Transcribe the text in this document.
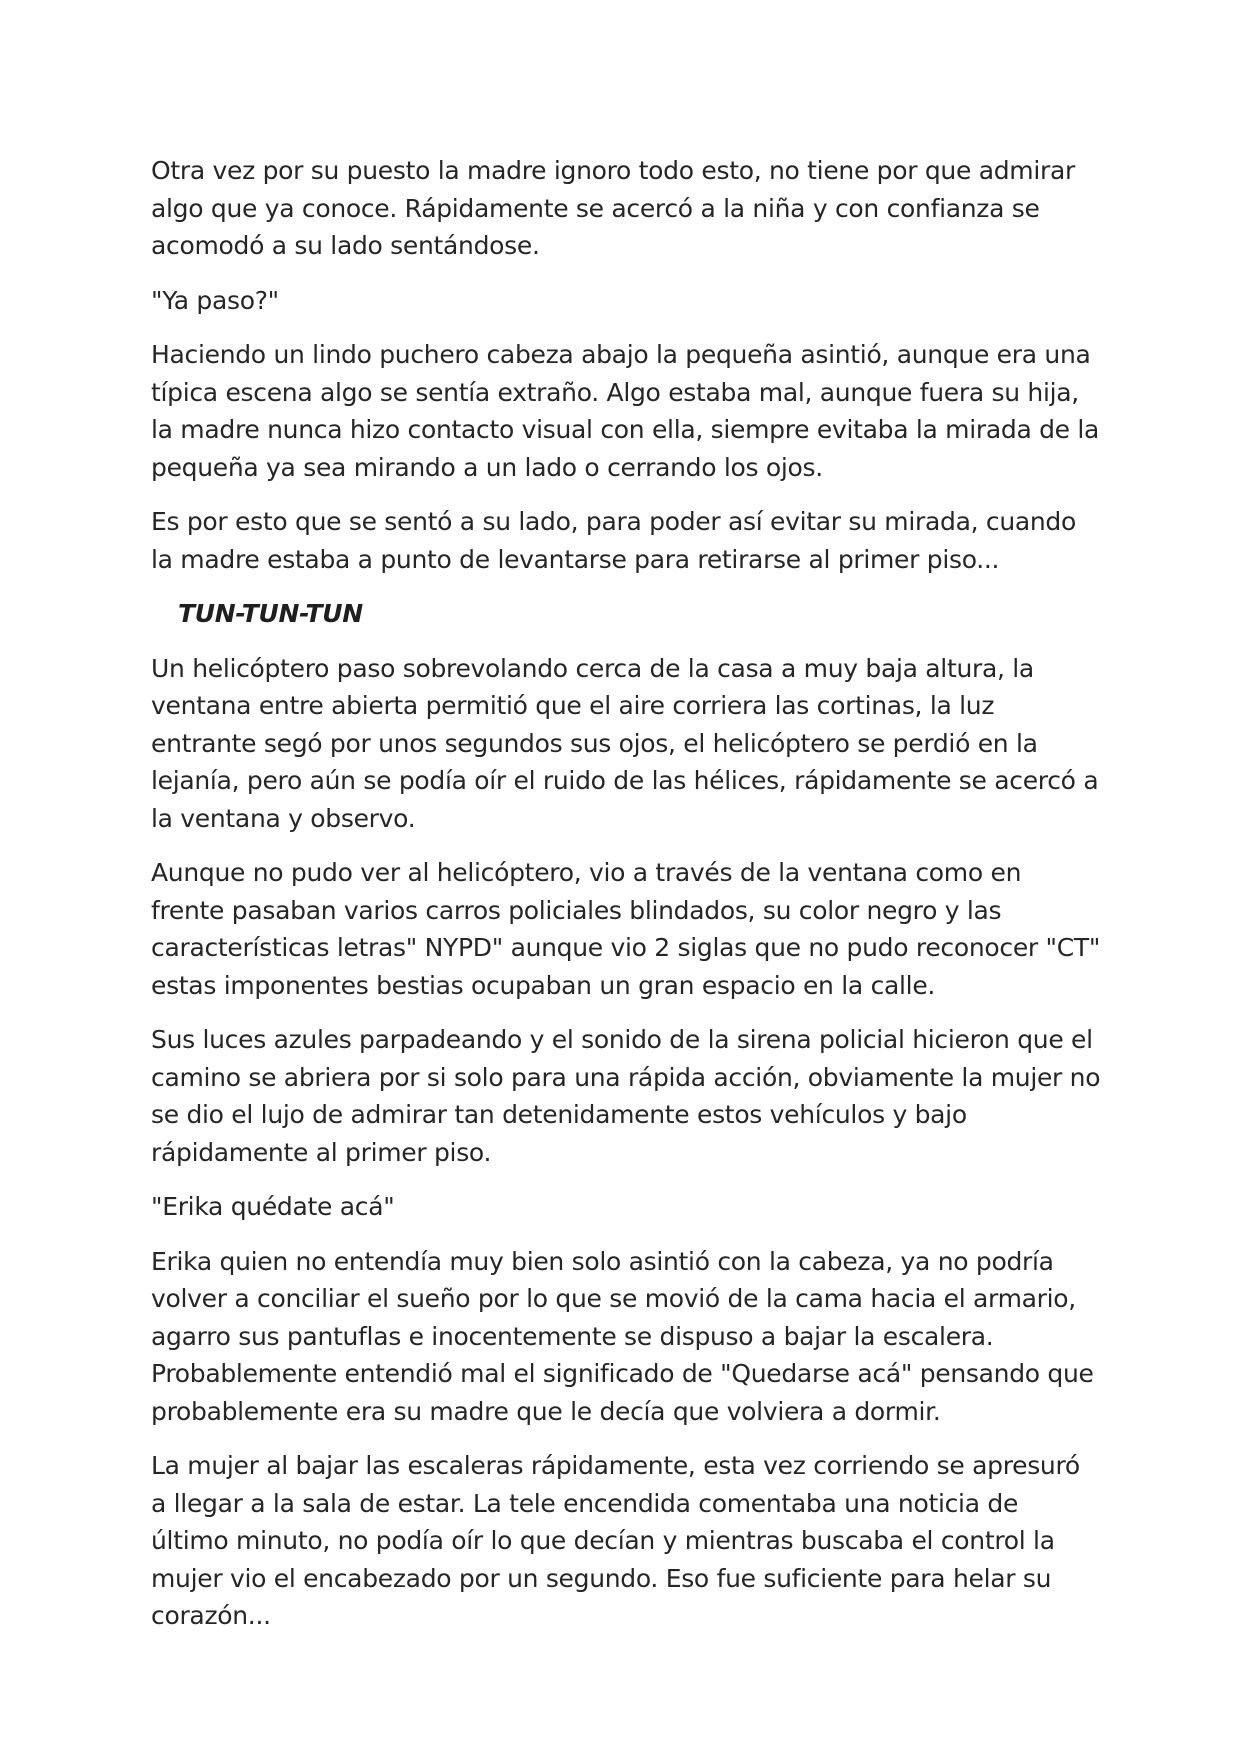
Otra vez por su puesto la madre ignoro todo esto, no tiene por que admirar algo que ya conoce. Rápidamente se acercó a la niña y con confianza se acomodó a su lado sentándose.

"Ya paso?"

Haciendo un lindo puchero cabeza abajo la pequeña asintió, aunque era una típica escena algo se sentía extraño. Algo estaba mal, aunque fuera su hija, la madre nunca hizo contacto visual con ella, siempre evitaba la mirada de la pequeña ya sea mirando a un lado o cerrando los ojos.

Es por esto que se sentó a su lado, para poder así evitar su mirada, cuando la madre estaba a punto de levantarse para retirarse al primer piso...

TUN-TUN-TUN

Un helicóptero paso sobrevolando cerca de la casa a muy baja altura, la ventana entre abierta permitió que el aire corriera las cortinas, la luz entrante segó por unos segundos sus ojos, el helicóptero se perdió en la lejanía, pero aún se podía oír el ruido de las hélices, rápidamente se acercó a la ventana y observo.

Aunque no pudo ver al helicóptero, vio a través de la ventana como en frente pasaban varios carros policiales blindados, su color negro y las características letras" NYPD" aunque vio 2 siglas que no pudo reconocer "CT" estas imponentes bestias ocupaban un gran espacio en la calle.

Sus luces azules parpadeando y el sonido de la sirena policial hicieron que el camino se abriera por si solo para una rápida acción, obviamente la mujer no se dio el lujo de admirar tan detenidamente estos vehículos y bajo rápidamente al primer piso.

"Erika quédate acá"

Erika quien no entendía muy bien solo asintió con la cabeza, ya no podría volver a conciliar el sueño por lo que se movió de la cama hacia el armario, agarro sus pantuflas e inocentemente se dispuso a bajar la escalera. Probablemente entendió mal el significado de "Quedarse acá" pensando que probablemente era su madre que le decía que volviera a dormir.

La mujer al bajar las escaleras rápidamente, esta vez corriendo se apresuró a llegar a la sala de estar. La tele encendida comentaba una noticia de último minuto, no podía oír lo que decían y mientras buscaba el control la mujer vio el encabezado por un segundo. Eso fue suficiente para helar su corazón...
